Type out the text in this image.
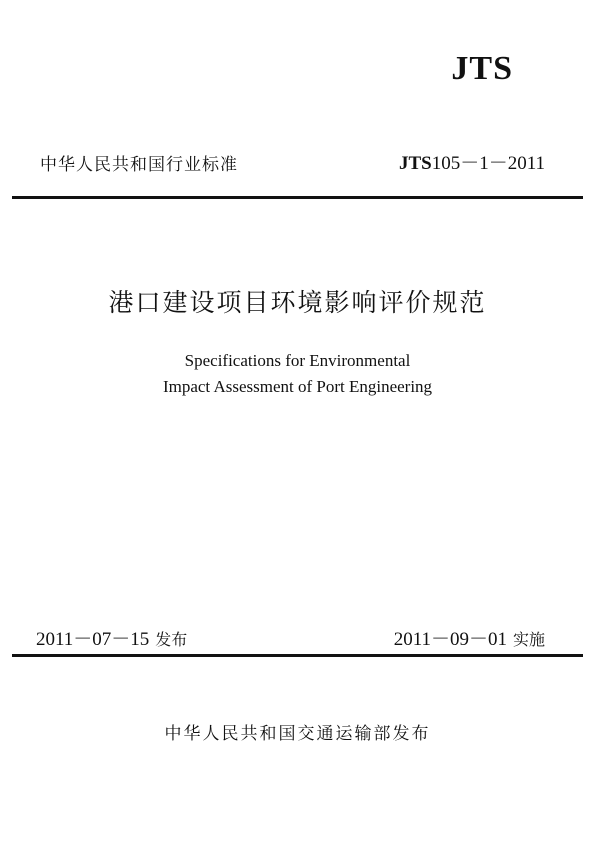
JTS
中华人民共和国行业标准	JTS105－1－2011
港口建设项目环境影响评价规范
Specifications for Environmental
Impact Assessment of Port Engineering
2011－07－15 发布	2011－09－01 实施
中华人民共和国交通运输部发布
